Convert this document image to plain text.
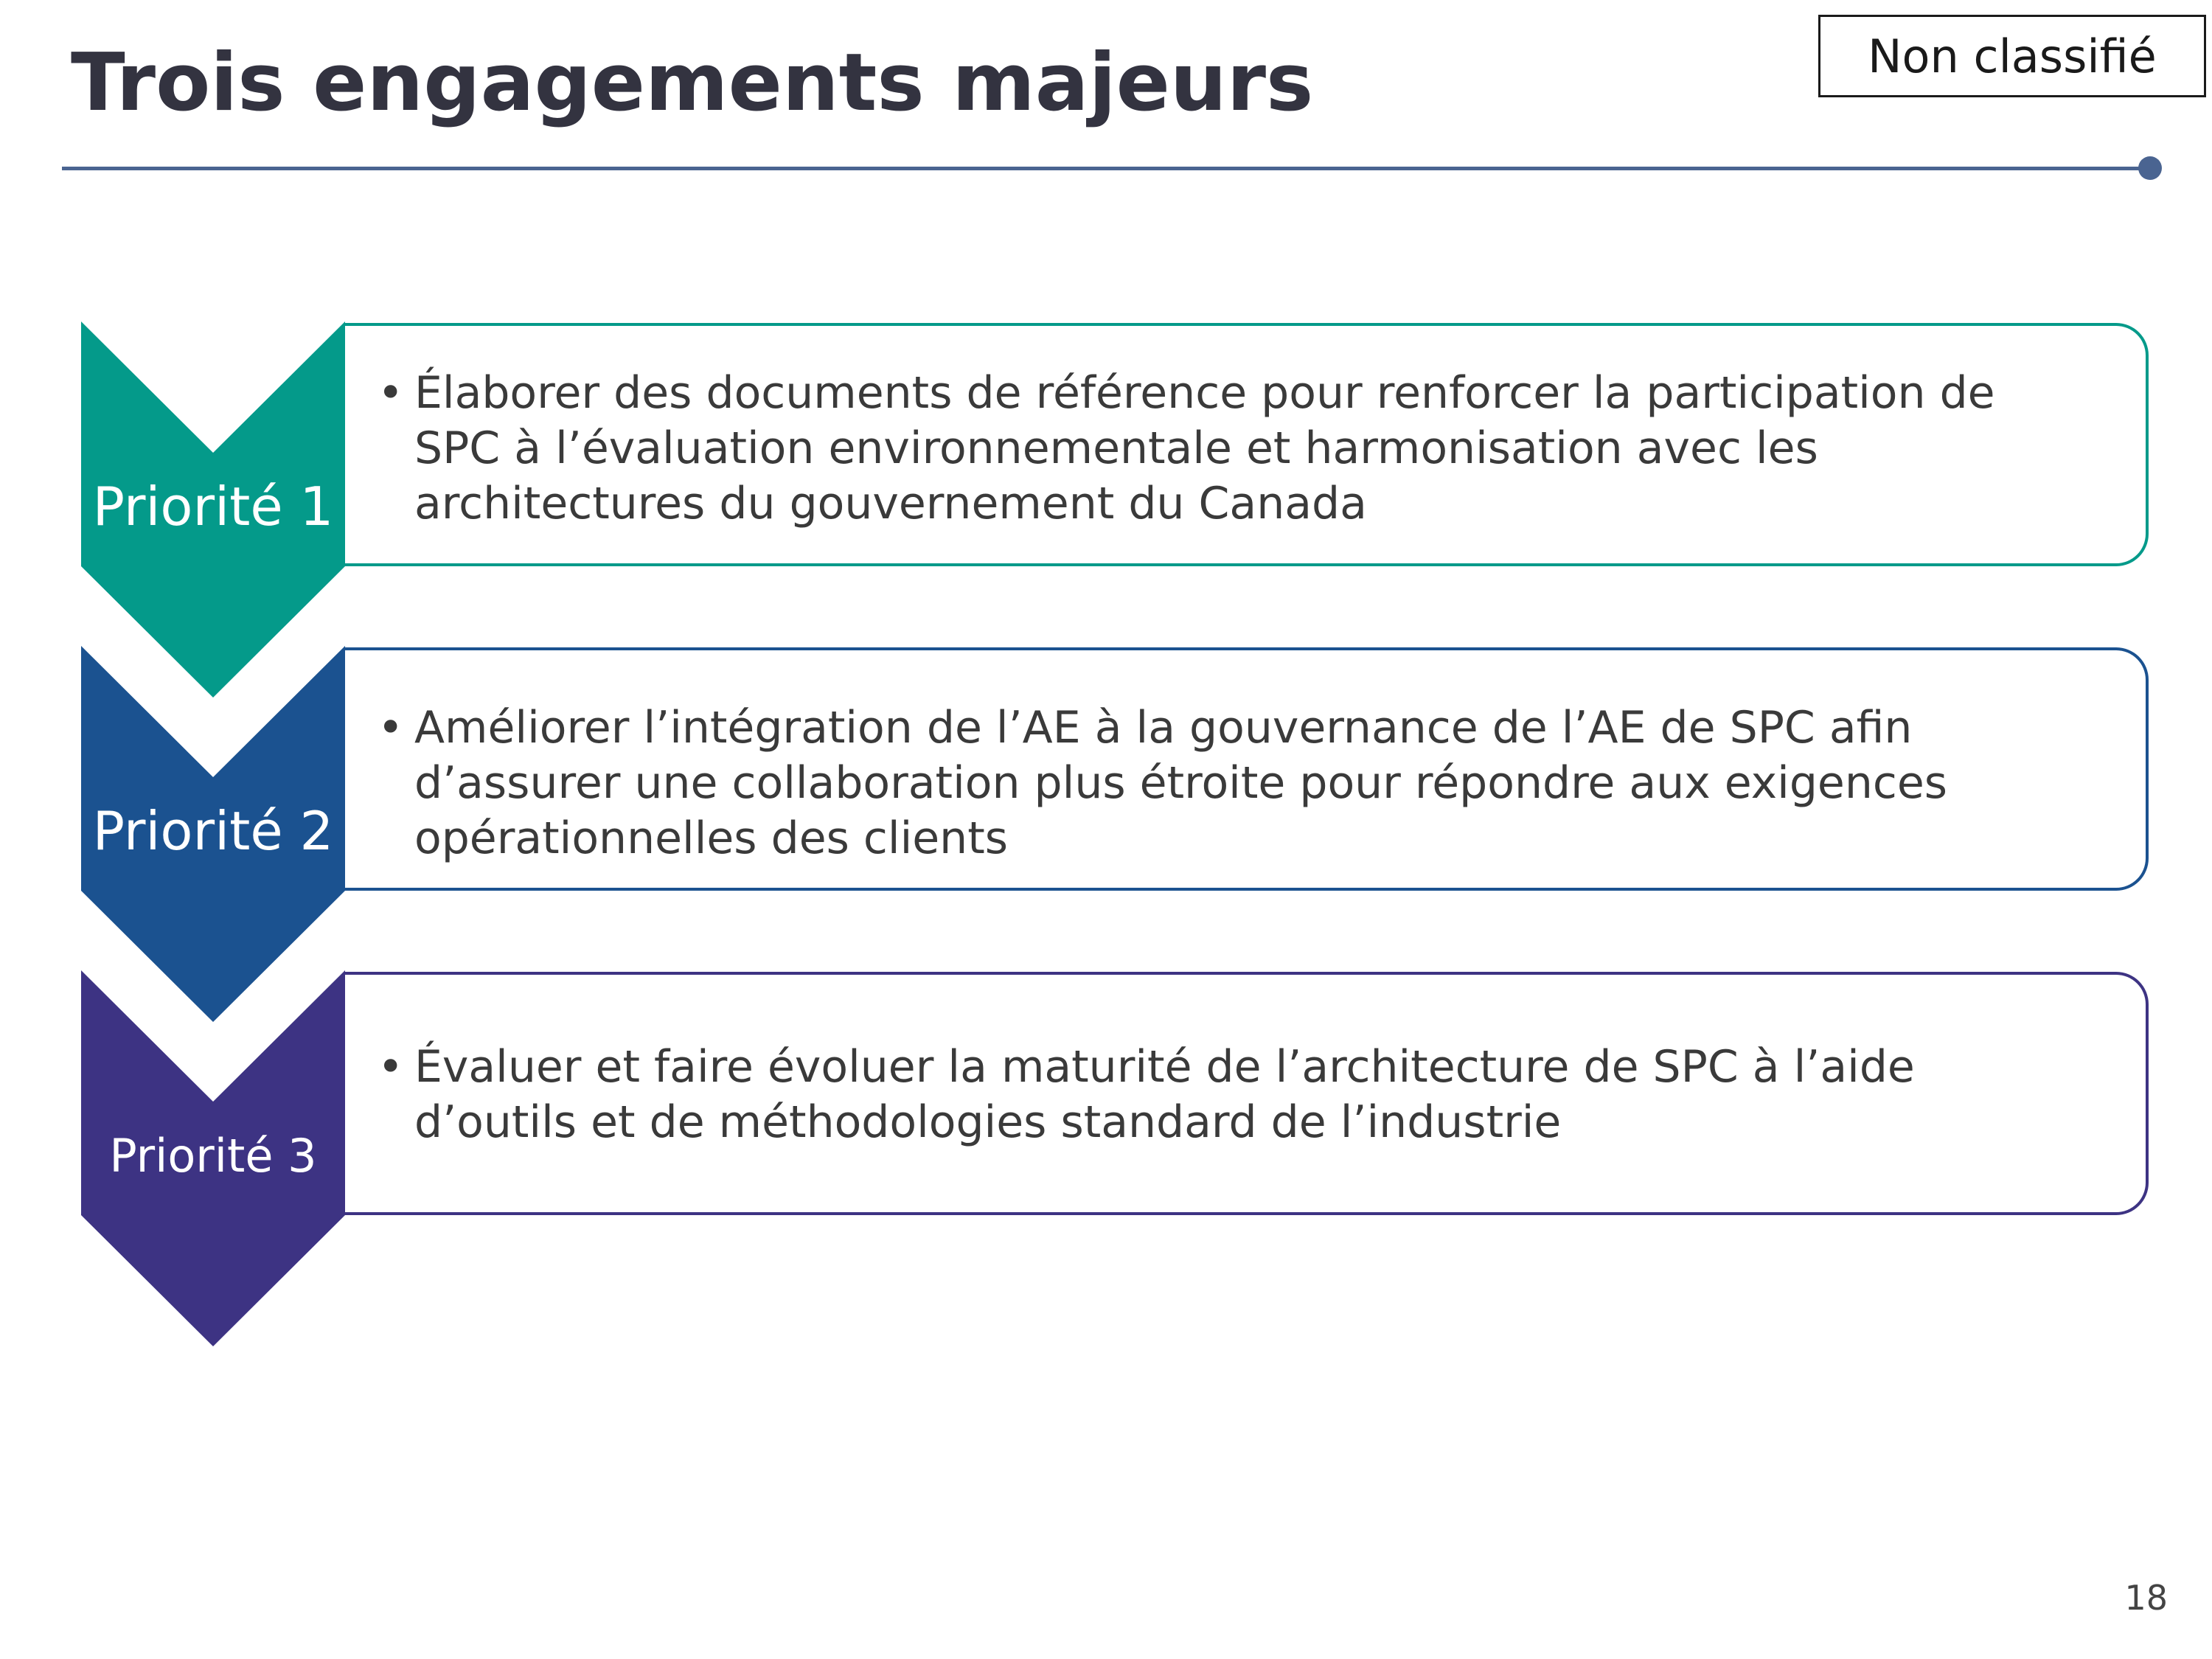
Trois engagements majeurs	Non classifié
• Élaborer des documents de référence pour renforcer la participation de SPC à l’évaluation environnementale et harmonisation avec les architectures du gouvernement du Canada
Priorité 1
• Améliorer l’intégration de l’AE à la gouvernance de l’AE de SPC afin d’assurer une collaboration plus étroite pour répondre aux exigences opérationnelles des clients
Priorité 2
• Évaluer et faire évoluer la maturité de l’architecture de SPC à l’aide d’outils et de méthodologies standard de l’industrie
Priorité 3
18
